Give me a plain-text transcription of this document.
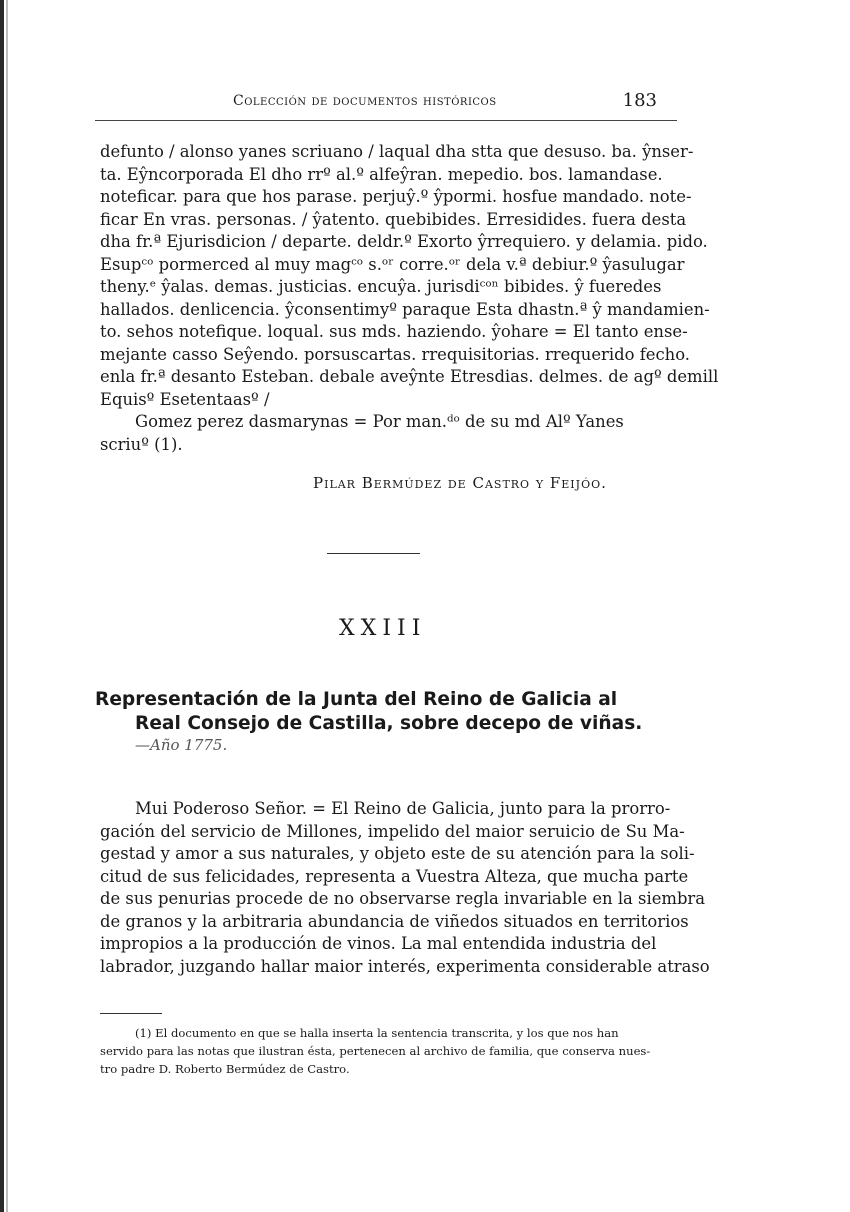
Colección de documentos históricos	183
defunto / alonso yanes scriuano / laqual dha stta que desuso. ba. ŷnser-
ta. Eŷncorporada El dho rrº al.º alfeŷran. mepedio. bos. lamandase.
noteficar. para que hos parase. perjuŷ.º ŷpormi. hosfue mandado. note-
ficar En vras. personas. / ŷatento. quebibides. Erresidides. fuera desta
dha fr.ª Ejurisdicion / departe. deldr.º Exorto ŷrrequiero. y delamia. pido.
Esupᶜᵒ pormerced al muy magᶜᵒ s.ᵒʳ corre.ᵒʳ dela v.ª debiur.º ŷasulugar
theny.ᵉ ŷalas. demas. justicias. encuŷa. jurisdiᶜᵒⁿ bibides. ŷ fueredes
hallados. denlicencia. ŷconsentimyº paraque Esta dhastn.ª ŷ mandamien-
to. sehos notefique. loqual. sus mds. haziendo. ŷohare = El tanto ense-
mejante casso Seŷendo. porsuscartas. rrequisitorias. rrequerido fecho.
enla fr.ª desanto Esteban. debale aveŷnte Etresdias. delmes. de agº demill
Equisº Esetentaasº /
Gomez perez dasmarynas = Por man.ᵈᵒ de su md Alº Yanes
scriuº (1).
Pilar Bermúdez de Castro y Feijóo.
XXIII
Representación de la Junta del Reino de Galicia al
Real Consejo de Castilla, sobre decepo de viñas.
—Año 1775.
Mui Poderoso Señor. = El Reino de Galicia, junto para la prorro-
gación del servicio de Millones, impelido del maior seruicio de Su Ma-
gestad y amor a sus naturales, y objeto este de su atención para la soli-
citud de sus felicidades, representa a Vuestra Alteza, que mucha parte
de sus penurias procede de no observarse regla invariable en la siembra
de granos y la arbitraria abundancia de viñedos situados en territorios
impropios a la producción de vinos. La mal entendida industria del
labrador, juzgando hallar maior interés, experimenta considerable atraso
(1) El documento en que se halla inserta la sentencia transcrita, y los que nos han
servido para las notas que ilustran ésta, pertenecen al archivo de familia, que conserva nues-
tro padre D. Roberto Bermúdez de Castro.
